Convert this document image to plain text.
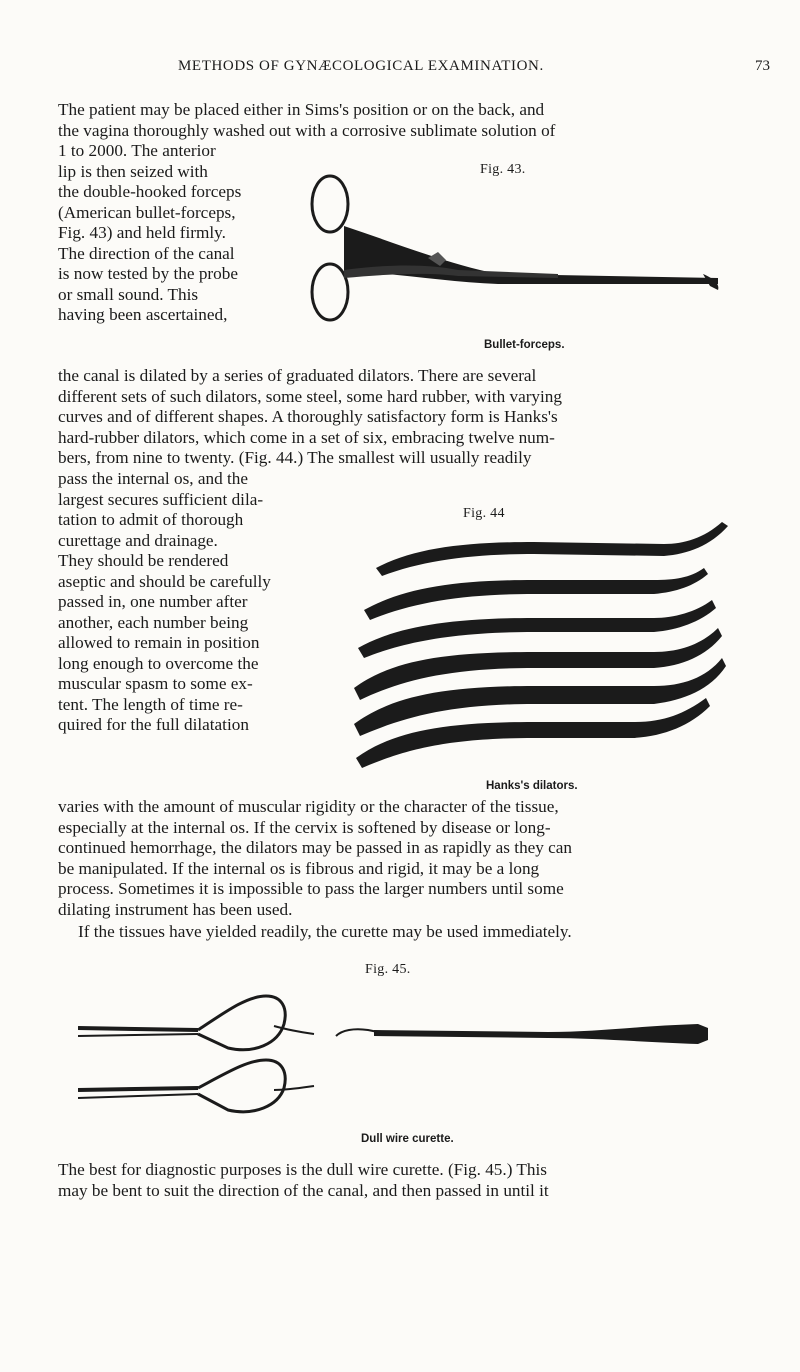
METHODS OF GYNÆCOLOGICAL EXAMINATION.	73
The patient may be placed either in Sims's position or on the back, and
the vagina thoroughly washed out with a corrosive sublimate solution of
1 to 2000. The anterior
lip is then seized with
the double-hooked forceps
(American bullet-forceps,
Fig. 43) and held firmly.
The direction of the canal
is now tested by the probe
or small sound. This
having been ascertained,
Fig. 43.
Bullet-forceps.
the canal is dilated by a series of graduated dilators. There are several
different sets of such dilators, some steel, some hard rubber, with varying
curves and of different shapes. A thoroughly satisfactory form is Hanks's
hard-rubber dilators, which come in a set of six, embracing twelve num-
bers, from nine to twenty. (Fig. 44.) The smallest will usually readily
pass the internal os, and the
largest secures sufficient dila-
tation to admit of thorough
curettage and drainage.
They should be rendered
aseptic and should be carefully
passed in, one number after
another, each number being
allowed to remain in position
long enough to overcome the
muscular spasm to some ex-
tent. The length of time re-
quired for the full dilatation
Fig. 44
Hanks's dilators.
varies with the amount of muscular rigidity or the character of the tissue,
especially at the internal os. If the cervix is softened by disease or long-
continued hemorrhage, the dilators may be passed in as rapidly as they can
be manipulated. If the internal os is fibrous and rigid, it may be a long
process. Sometimes it is impossible to pass the larger numbers until some
dilating instrument has been used.
If the tissues have yielded readily, the curette may be used immediately.
Fig. 45.
Dull wire curette.
The best for diagnostic purposes is the dull wire curette. (Fig. 45.) This
may be bent to suit the direction of the canal, and then passed in until it
